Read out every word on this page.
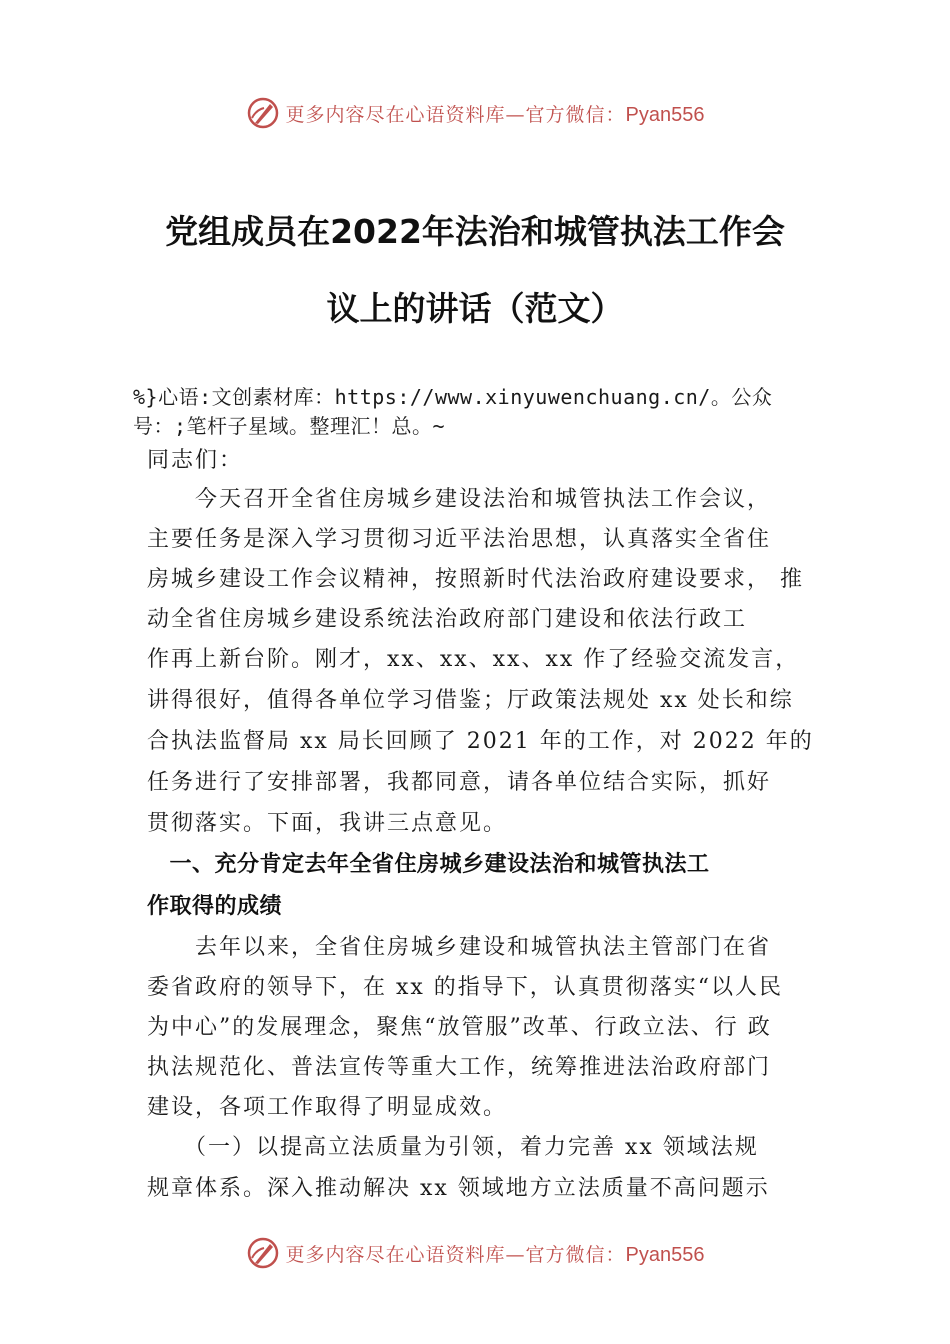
更多内容尽在心语资料库—官方微信：Pyan556
党组成员在2022年法治和城管执法工作会
议上的讲话（范文）
%}心语:文创素材库：https://www.xinyuwenchuang.cn/。公众
号：;笔杆子星域。整理汇！总。~
同志们：
　　今天召开全省住房城乡建设法治和城管执法工作会议，
主要任务是深入学习贯彻习近平法治思想，认真落实全省住
房城乡建设工作会议精神，按照新时代法治政府建设要求， 推
动全省住房城乡建设系统法治政府部门建设和依法行政工
作再上新台阶。刚才，xx、xx、xx、xx 作了经验交流发言，
讲得很好，值得各单位学习借鉴；厅政策法规处 xx 处长和综
合执法监督局 xx 局长回顾了 2021 年的工作，对 2022 年的
任务进行了安排部署，我都同意，请各单位结合实际，抓好
贯彻落实。下面，我讲三点意见。
　一、充分肯定去年全省住房城乡建设法治和城管执法工
作取得的成绩
　　去年以来，全省住房城乡建设和城管执法主管部门在省
委省政府的领导下，在 xx 的指导下，认真贯彻落实“以人民
为中心”的发展理念，聚焦“放管服”改革、行政立法、行 政
执法规范化、普法宣传等重大工作，统筹推进法治政府部门
建设，各项工作取得了明显成效。
　　（一）以提高立法质量为引领，着力完善 xx 领域法规
规章体系。深入推动解决 xx 领域地方立法质量不高问题示
更多内容尽在心语资料库—官方微信：Pyan556
